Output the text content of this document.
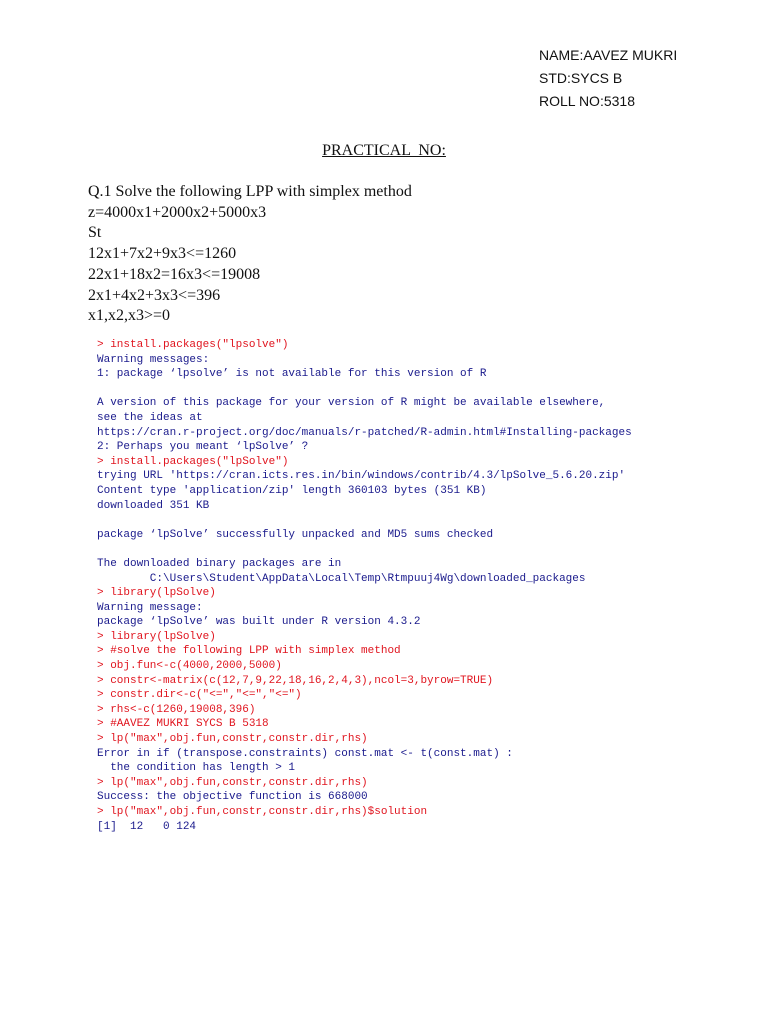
NAME:AAVEZ MUKRI
STD:SYCS B
ROLL NO:5318
PRACTICAL  NO:
Q.1 Solve the following LPP with simplex method
z=4000x1+2000x2+5000x3
St
12x1+7x2+9x3<=1260
22x1+18x2=16x3<=19008
2x1+4x2+3x3<=396
x1,x2,x3>=0
> install.packages("lpsolve")
Warning messages:
1: package ‘lpsolve’ is not available for this version of R
A version of this package for your version of R might be available elsewhere,
see the ideas at
https://cran.r-project.org/doc/manuals/r-patched/R-admin.html#Installing-packages
2: Perhaps you meant ‘lpSolve’ ?
> install.packages("lpSolve")
trying URL 'https://cran.icts.res.in/bin/windows/contrib/4.3/lpSolve_5.6.20.zip'
Content type 'application/zip' length 360103 bytes (351 KB)
downloaded 351 KB
package ‘lpSolve’ successfully unpacked and MD5 sums checked
The downloaded binary packages are in
C:\Users\Student\AppData\Local\Temp\Rtmpuuj4Wg\downloaded_packages
> library(lpSolve)
Warning message:
package ‘lpSolve’ was built under R version 4.3.2
> library(lpSolve)
> #solve the following LPP with simplex method
> obj.fun<-c(4000,2000,5000)
> constr<-matrix(c(12,7,9,22,18,16,2,4,3),ncol=3,byrow=TRUE)
> constr.dir<-c("<=","<=","<=")
> rhs<-c(1260,19008,396)
> #AAVEZ MUKRI SYCS B 5318
> lp("max",obj.fun,constr,constr.dir,rhs)
Error in if (transpose.constraints) const.mat <- t(const.mat) :
the condition has length > 1
> lp("max",obj.fun,constr,constr.dir,rhs)
Success: the objective function is 668000
> lp("max",obj.fun,constr,constr.dir,rhs)$solution
[1]  12   0 124
